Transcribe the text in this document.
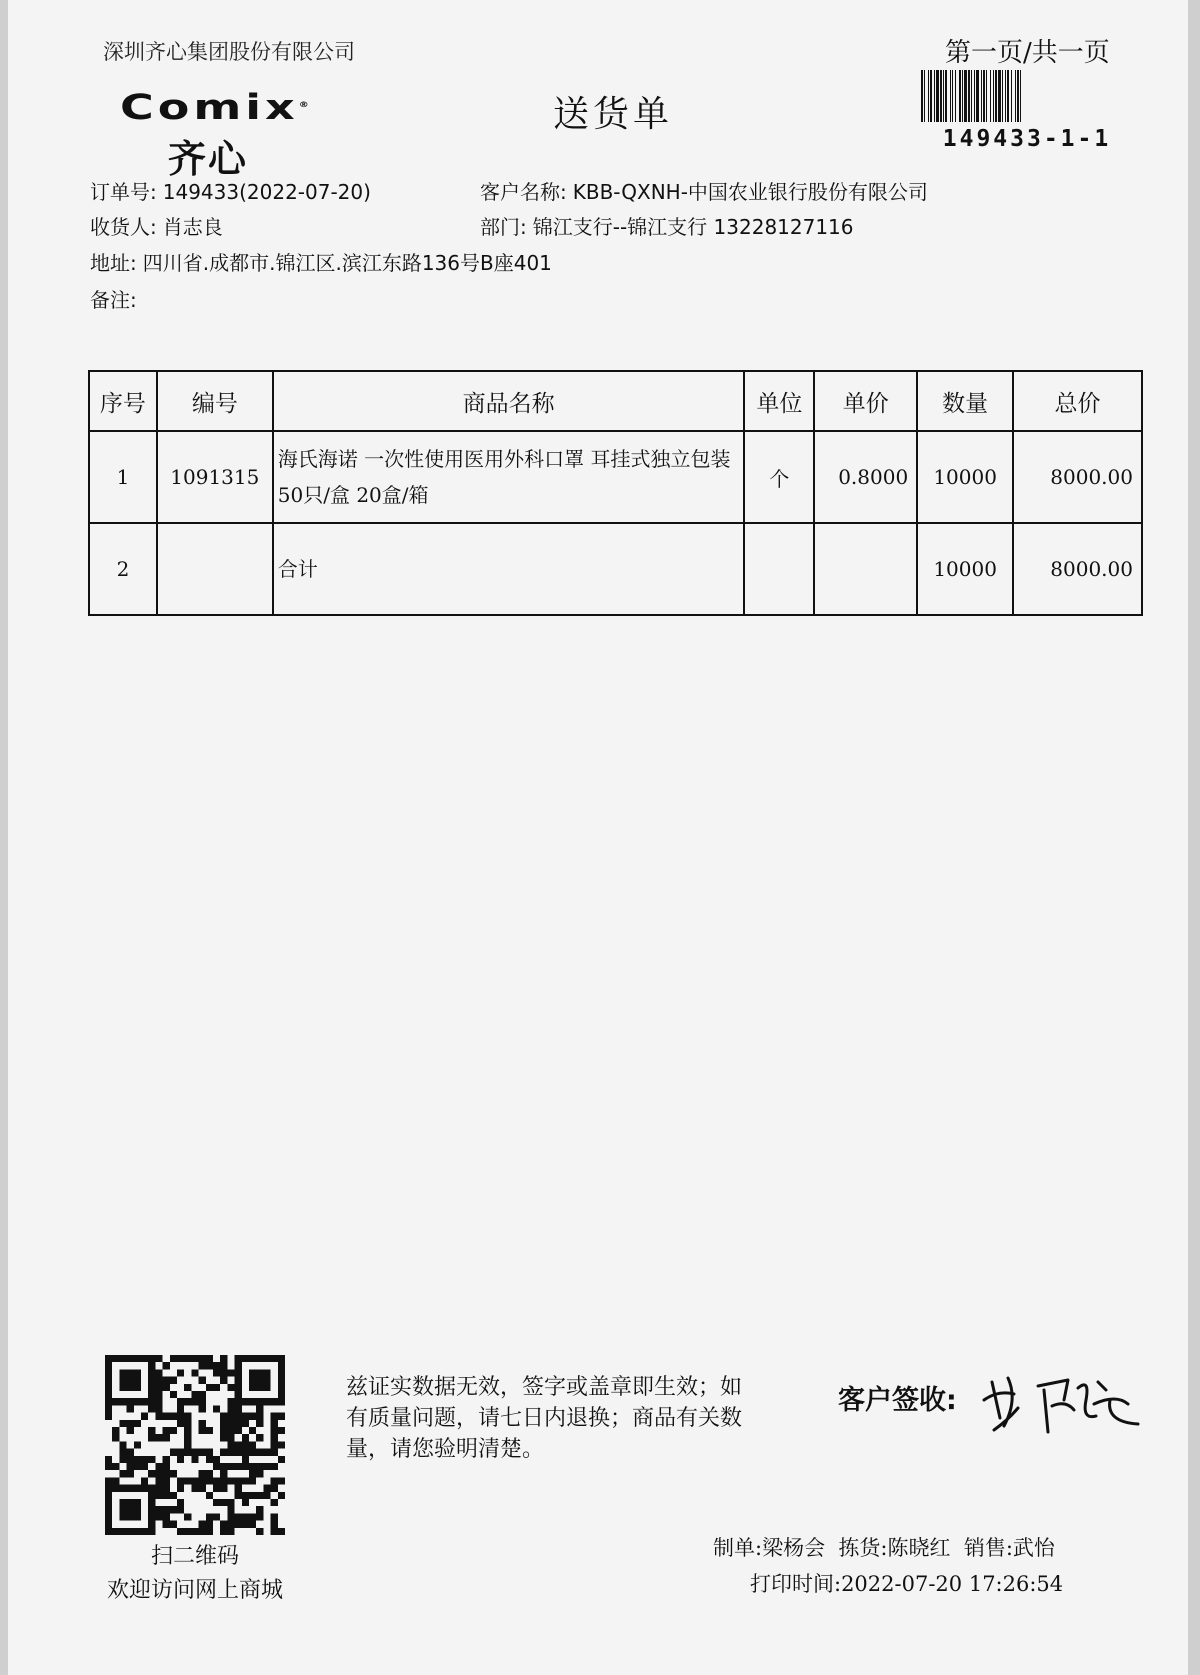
深圳齐心集团股份有限公司	第一页/共一页
Comix®
齐心
送货单
149433-1-1
订单号: 149433(2022-07-20)	客户名称: KBB-QXNH-中国农业银行股份有限公司
收货人: 肖志良	部门: 锦江支行--锦江支行 13228127116
地址: 四川省.成都市.锦江区.滨江东路136号B座401
备注:
序号	编号	商品名称	单位	单价	数量	总价
1	1091315	海氏海诺 一次性使用医用外科口罩 耳挂式独立包装 50只/盒 20盒/箱	个	0.8000	10000	8000.00
2		合计			10000	8000.00
扫二维码
欢迎访问网上商城
兹证实数据无效，签字或盖章即生效；如有质量问题，请七日内退换；商品有关数量，请您验明清楚。
客户签收:
制单:梁杨会  拣货:陈晓红  销售:武怡
打印时间:2022-07-20 17:26:54
